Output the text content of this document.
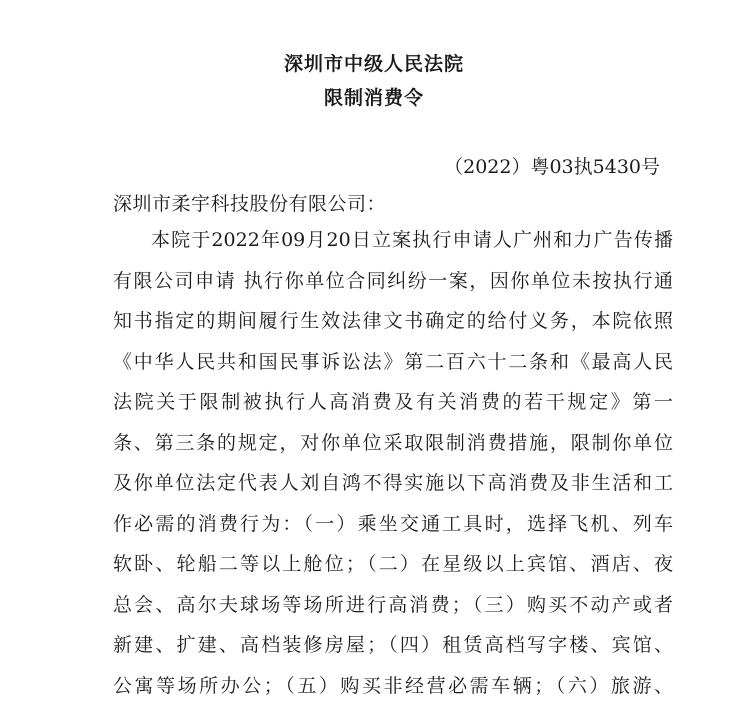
深圳市中级人民法院
限制消费令
（2022）粤03执5430号
深圳市柔宇科技股份有限公司：
本院于2022年09月20日立案执行申请人广州和力广告传播
有限公司申请 执行你单位合同纠纷一案，因你单位未按执行通
知书指定的期间履行生效法律文书确定的给付义务，本院依照
《中华人民共和国民事诉讼法》第二百六十二条和《最高人民
法院关于限制被执行人高消费及有关消费的若干规定》第一
条、第三条的规定，对你单位采取限制消费措施，限制你单位
及你单位法定代表人刘自鸿不得实施以下高消费及非生活和工
作必需的消费行为：（一）乘坐交通工具时，选择飞机、列车
软卧、轮船二等以上舱位；（二）在星级以上宾馆、酒店、夜
总会、高尔夫球场等场所进行高消费；（三）购买不动产或者
新建、扩建、高档装修房屋；（四）租赁高档写字楼、宾馆、
公寓等场所办公；（五）购买非经营必需车辆；（六）旅游、
